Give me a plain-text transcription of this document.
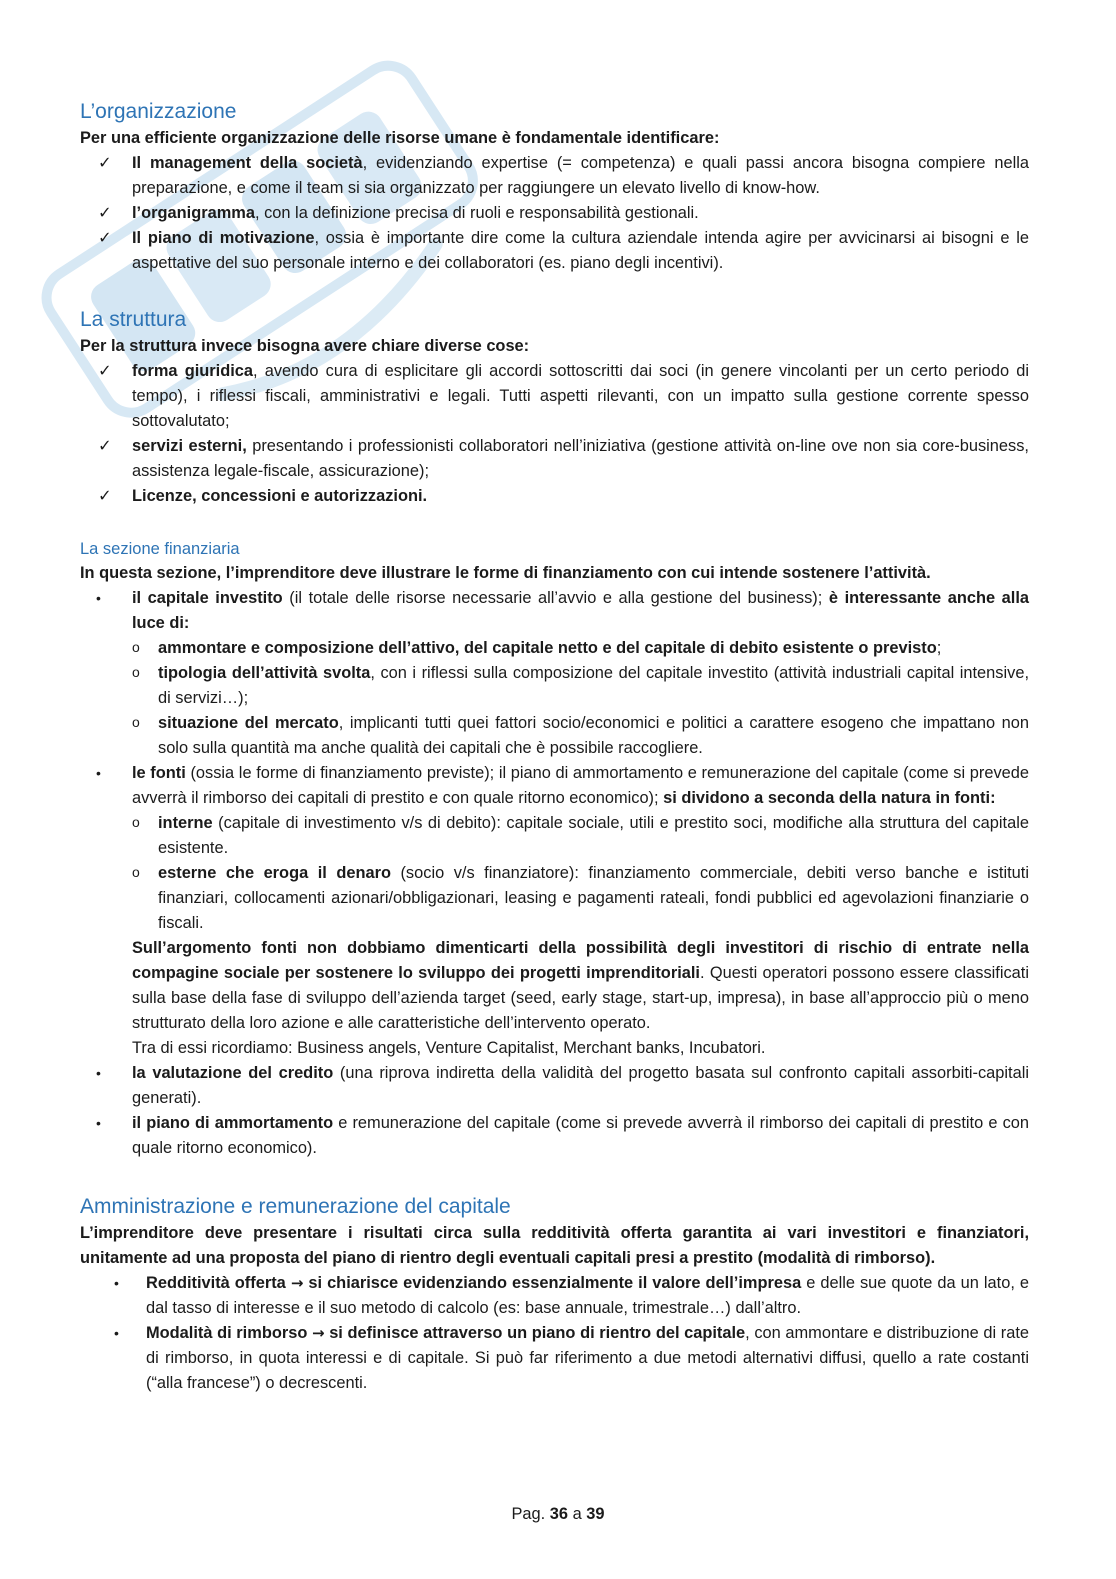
L’organizzazione

Per una efficiente organizzazione delle risorse umane è fondamentale identificare:

✓	Il management della società, evidenziando expertise (= competenza) e quali passi ancora bisogna compiere nella preparazione, e come il team si sia organizzato per raggiungere un elevato livello di know-how.
✓	l’organigramma, con la definizione precisa di ruoli e responsabilità gestionali.
✓	Il piano di motivazione, ossia è importante dire come la cultura aziendale intenda agire per avvicinarsi ai bisogni e le aspettative del suo personale interno e dei collaboratori (es. piano degli incentivi).
La struttura

Per la struttura invece bisogna avere chiare diverse cose:

✓	forma giuridica, avendo cura di esplicitare gli accordi sottoscritti dai soci (in genere vincolanti per un certo periodo di tempo), i riflessi fiscali, amministrativi e legali. Tutti aspetti rilevanti, con un impatto sulla gestione corrente spesso sottovalutato;
✓	servizi esterni, presentando i professionisti collaboratori nell’iniziativa (gestione attività on-line ove non sia core-business, assistenza legale-fiscale, assicurazione);
✓	Licenze, concessioni e autorizzazioni.
La sezione finanziaria

In questa sezione, l’imprenditore deve illustrare le forme di finanziamento con cui intende sostenere l’attività.

• il capitale investito (il totale delle risorse necessarie all’avvio e alla gestione del business); è interessante anche alla luce di:
o ammontare e composizione dell’attivo, del capitale netto e del capitale di debito esistente o previsto;
o tipologia dell’attività svolta, con i riflessi sulla composizione del capitale investito (attività industriali capital intensive, di servizi…);
o situazione del mercato, implicanti tutti quei fattori socio/economici e politici a carattere esogeno che impattano non solo sulla quantità ma anche qualità dei capitali che è possibile raccogliere.
• le fonti (ossia le forme di finanziamento previste); il piano di ammortamento e remunerazione del capitale (come si prevede avverrà il rimborso dei capitali di prestito e con quale ritorno economico); si dividono a seconda della natura in fonti:
o interne (capitale di investimento v/s di debito): capitale sociale, utili e prestito soci, modifiche alla struttura del capitale esistente.
o esterne che eroga il denaro (socio v/s finanziatore): finanziamento commerciale, debiti verso banche e istituti finanziari, collocamenti azionari/obbligazionari, leasing e pagamenti rateali, fondi pubblici ed agevolazioni finanziarie o fiscali.
Sull’argomento fonti non dobbiamo dimenticarti della possibilità degli investitori di rischio di entrate nella compagine sociale per sostenere lo sviluppo dei progetti imprenditoriali. Questi operatori possono essere classificati sulla base della fase di sviluppo dell’azienda target (seed, early stage, start-up, impresa), in base all’approccio più o meno strutturato della loro azione e alle caratteristiche dell’intervento operato.
Tra di essi ricordiamo: Business angels, Venture Capitalist, Merchant banks, Incubatori.
• la valutazione del credito (una riprova indiretta della validità del progetto basata sul confronto capitali assorbiti-capitali generati).
• il piano di ammortamento e remunerazione del capitale (come si prevede avverrà il rimborso dei capitali di prestito e con quale ritorno economico).
Amministrazione e remunerazione del capitale

L’imprenditore deve presentare i risultati circa sulla redditività offerta garantita ai vari investitori e finanziatori, unitamente ad una proposta del piano di rientro degli eventuali capitali presi a prestito (modalità di rimborso).

• Redditività offerta → si chiarisce evidenziando essenzialmente il valore dell’impresa e delle sue quote da un lato, e dal tasso di interesse e il suo metodo di calcolo (es: base annuale, trimestrale…) dall’altro.
• Modalità di rimborso → si definisce attraverso un piano di rientro del capitale, con ammontare e distribuzione di rate di rimborso, in quota interessi e di capitale. Si può far riferimento a due metodi alternativi diffusi, quello a rate costanti (“alla francese”) o decrescenti.
Pag. 36 a 39
